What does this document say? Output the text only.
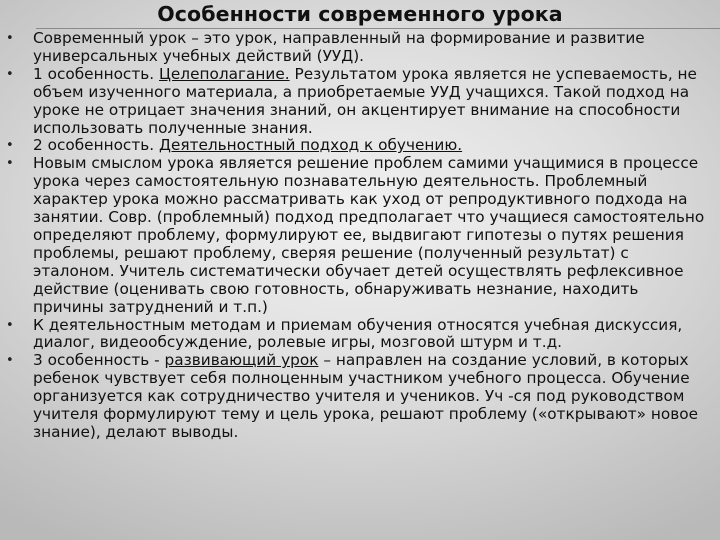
Особенности современного урока
• Современный урок – это урок, направленный на формирование и развитие универсальных учебных действий (УУД).
• 1 особенность. Целеполагание. Результатом урока является не успеваемость, не объем изученного материала, а приобретаемые УУД учащихся. Такой подход на уроке не отрицает значения знаний, он акцентирует внимание на способности использовать полученные знания.
• 2 особенность. Деятельностный подход к обучению.
• Новым смыслом урока является решение проблем самими учащимися в процессе урока через самостоятельную познавательную деятельность. Проблемный характер урока можно рассматривать как уход от репродуктивного подхода на занятии. Совр. (проблемный) подход предполагает что учащиеся самостоятельно определяют проблему, формулируют ее, выдвигают гипотезы о путях решения проблемы, решают проблему, сверяя решение (полученный результат) с эталоном. Учитель систематически обучает детей осуществлять рефлексивное действие (оценивать свою готовность, обнаруживать незнание, находить причины затруднений и т.п.)
• К деятельностным методам и приемам обучения относятся учебная дискуссия, диалог, видеообсуждение, ролевые игры, мозговой штурм и т.д.
• 3 особенность - развивающий урок – направлен на создание условий, в которых ребенок чувствует себя полноценным участником учебного процесса. Обучение организуется как сотрудничество учителя и учеников. Уч -ся под руководством учителя формулируют тему и цель урока, решают проблему («открывают» новое знание), делают выводы.
